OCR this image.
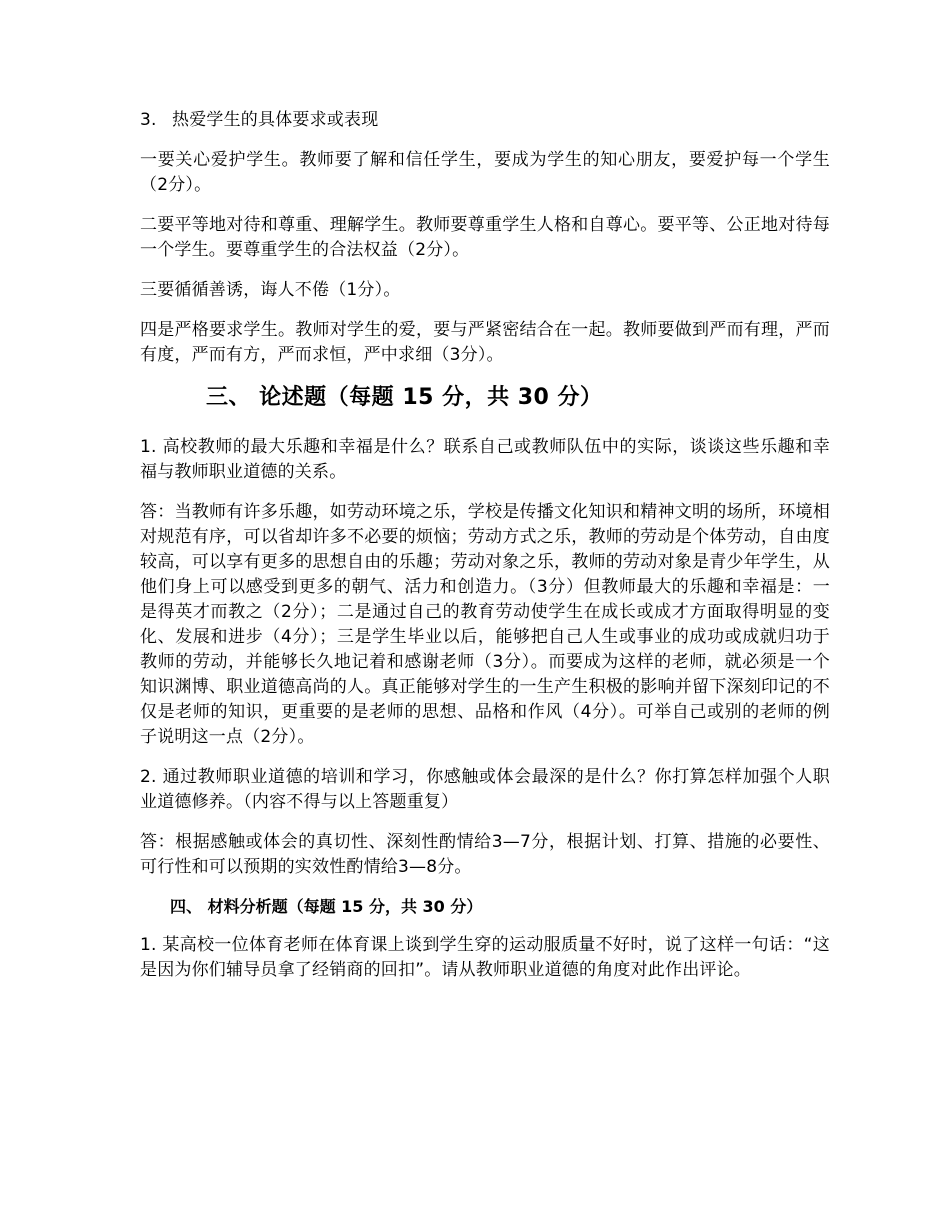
3. 热爱学生的具体要求或表现

一要关心爱护学生。教师要了解和信任学生，要成为学生的知心朋友，要爱护每一个学生（2分）。

二要平等地对待和尊重、理解学生。教师要尊重学生人格和自尊心。要平等、公正地对待每一个学生。要尊重学生的合法权益（2分）。

三要循循善诱，诲人不倦（1分）。

四是严格要求学生。教师对学生的爱，要与严紧密结合在一起。教师要做到严而有理，严而有度，严而有方，严而求恒，严中求细（3分）。

三、 论述题（每题 15 分，共 30 分）

1. 高校教师的最大乐趣和幸福是什么？联系自己或教师队伍中的实际，谈谈这些乐趣和幸福与教师职业道德的关系。

答：当教师有许多乐趣，如劳动环境之乐，学校是传播文化知识和精神文明的场所，环境相对规范有序，可以省却许多不必要的烦恼；劳动方式之乐，教师的劳动是个体劳动，自由度较高，可以享有更多的思想自由的乐趣；劳动对象之乐，教师的劳动对象是青少年学生，从他们身上可以感受到更多的朝气、活力和创造力。（3分）但教师最大的乐趣和幸福是：一是得英才而教之（2分）；二是通过自己的教育劳动使学生在成长或成才方面取得明显的变化、发展和进步（4分）；三是学生毕业以后，能够把自己人生或事业的成功或成就归功于教师的劳动，并能够长久地记着和感谢老师（3分）。而要成为这样的老师，就必须是一个知识渊博、职业道德高尚的人。真正能够对学生的一生产生积极的影响并留下深刻印记的不仅是老师的知识，更重要的是老师的思想、品格和作风（4分）。可举自己或别的老师的例子说明这一点（2分）。

2. 通过教师职业道德的培训和学习，你感触或体会最深的是什么？你打算怎样加强个人职业道德修养。（内容不得与以上答题重复）

答：根据感触或体会的真切性、深刻性酌情给3—7分，根据计划、打算、措施的必要性、可行性和可以预期的实效性酌情给3—8分。

四、 材料分析题（每题 15 分，共 30 分）

1. 某高校一位体育老师在体育课上谈到学生穿的运动服质量不好时，说了这样一句话：“这是因为你们辅导员拿了经销商的回扣”。请从教师职业道德的角度对此作出评论。
